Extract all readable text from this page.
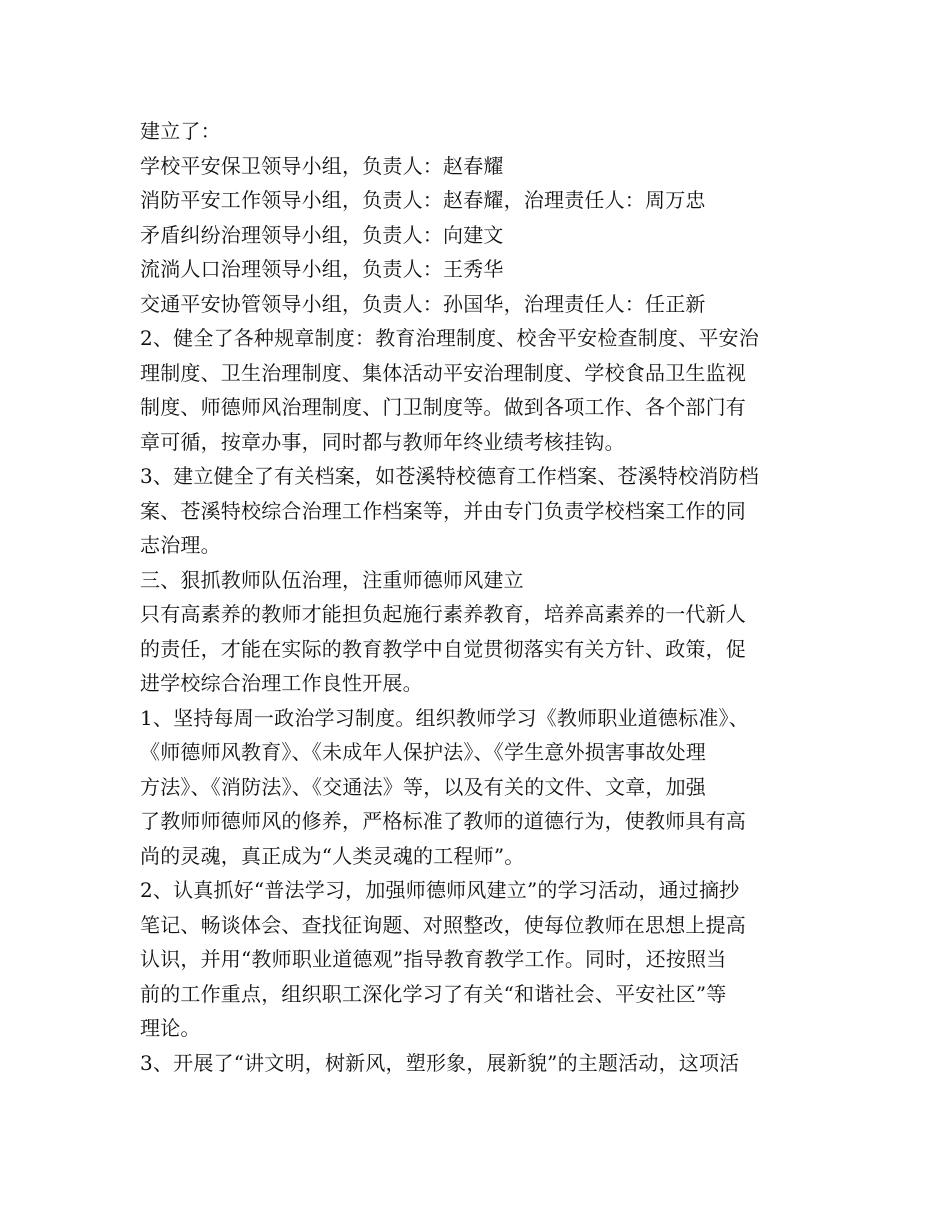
建立了：
学校平安保卫领导小组，负责人：赵春耀
消防平安工作领导小组，负责人：赵春耀，治理责任人：周万忠
矛盾纠纷治理领导小组，负责人：向建文
流淌人口治理领导小组，负责人：王秀华
交通平安协管领导小组，负责人：孙国华，治理责任人：任正新
2、健全了各种规章制度：教育治理制度、校舍平安检查制度、平安治
理制度、卫生治理制度、集体活动平安治理制度、学校食品卫生监视
制度、师德师风治理制度、门卫制度等。做到各项工作、各个部门有
章可循，按章办事，同时都与教师年终业绩考核挂钩。
3、建立健全了有关档案，如苍溪特校德育工作档案、苍溪特校消防档
案、苍溪特校综合治理工作档案等，并由专门负责学校档案工作的同
志治理。
三、狠抓教师队伍治理，注重师德师风建立
只有高素养的教师才能担负起施行素养教育，培养高素养的一代新人
的责任，才能在实际的教育教学中自觉贯彻落实有关方针、政策，促
进学校综合治理工作良性开展。
1、坚持每周一政治学习制度。组织教师学习《教师职业道德标准》、
《师德师风教育》、《未成年人保护法》、《学生意外损害事故处理
方法》、《消防法》、《交通法》等，以及有关的文件、文章，加强
了教师师德师风的修养，严格标准了教师的道德行为，使教师具有高
尚的灵魂，真正成为“人类灵魂的工程师”。
2、认真抓好“普法学习，加强师德师风建立”的学习活动，通过摘抄
笔记、畅谈体会、查找征询题、对照整改，使每位教师在思想上提高
认识，并用“教师职业道德观”指导教育教学工作。同时，还按照当
前的工作重点，组织职工深化学习了有关“和谐社会、平安社区”等
理论。
3、开展了“讲文明，树新风，塑形象，展新貌”的主题活动，这项活
